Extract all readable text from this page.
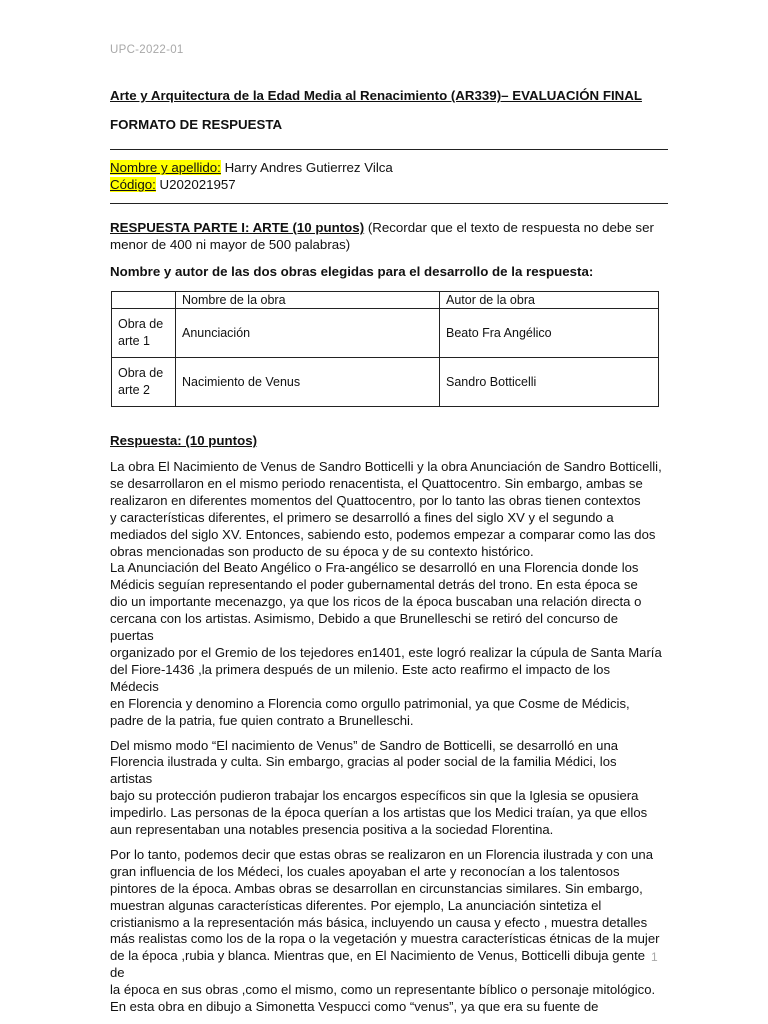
UPC-2022-01
Arte y Arquitectura de la Edad Media al Renacimiento (AR339)– EVALUACIÓN FINAL
FORMATO DE RESPUESTA
Nombre y apellido: Harry Andres Gutierrez Vilca
Código: U202021957
RESPUESTA PARTE I: ARTE (10 puntos) (Recordar que el texto de respuesta no debe ser menor de 400 ni mayor de 500 palabras)
Nombre y autor de las dos obras elegidas para el desarrollo de la respuesta:
	Nombre de la obra	Autor de la obra

Obra de
arte 1	Anunciación	Beato Fra Angélico

Obra de
arte 2	Nacimiento de Venus	Sandro Botticelli
Respuesta: (10 puntos)

La obra El Nacimiento de Venus de Sandro Botticelli y la obra Anunciación de Sandro Botticelli,
se desarrollaron en el mismo periodo renacentista, el Quattocentro. Sin embargo, ambas se
realizaron en diferentes momentos del Quattocentro, por lo tanto las obras tienen contextos
y características diferentes, el primero se desarrolló a fines del siglo XV y el segundo a
mediados del siglo XV. Entonces, sabiendo esto, podemos empezar a comparar como las dos
obras mencionadas son producto de su época y de su contexto histórico.

La Anunciación del Beato Angélico o Fra-angélico se desarrolló en una Florencia donde los
Médicis seguían representando el poder gubernamental detrás del trono. En esta época se
dio un importante mecenazgo, ya que los ricos de la época buscaban una relación directa o
cercana con los artistas. Asimismo, Debido a que Brunelleschi se retiró del concurso de puertas
organizado por el Gremio de los tejedores en1401, este logró realizar la cúpula de Santa María
del Fiore-1436 ,la primera después de un milenio. Este acto reafirmo el impacto de los Médecis
en Florencia y denomino a Florencia como orgullo patrimonial, ya que Cosme de Médicis,
padre de la patria, fue quien contrato a Brunelleschi.

Del mismo modo “El nacimiento de Venus” de Sandro de Botticelli, se desarrolló en una
Florencia ilustrada y culta. Sin embargo, gracias al poder social de la familia Médici, los artistas
bajo su protección pudieron trabajar los encargos específicos sin que la Iglesia se opusiera
impedirlo. Las personas de la época querían a los artistas que los Medici traían, ya que ellos
aun representaban una notables presencia positiva a la sociedad Florentina.

Por lo tanto, podemos decir que estas obras se realizaron en un Florencia ilustrada y con una
gran influencia de los Médeci, los cuales apoyaban el arte y reconocían a los talentosos
pintores de la época. Ambas obras se desarrollan en circunstancias similares. Sin embargo,
muestran algunas características diferentes. Por ejemplo, La anunciación sintetiza el
cristianismo a la representación más básica, incluyendo un causa y efecto , muestra detalles
más realistas como los de la ropa o la vegetación y muestra características étnicas de la mujer
de la época ,rubia y blanca. Mientras que, en El Nacimiento de Venus, Botticelli dibuja gente de
la época en sus obras ,como el mismo, como un representante bíblico o personaje mitológico.
En esta obra en dibujo a Simonetta Vespucci como “venus”, ya que era su fuente de

1
